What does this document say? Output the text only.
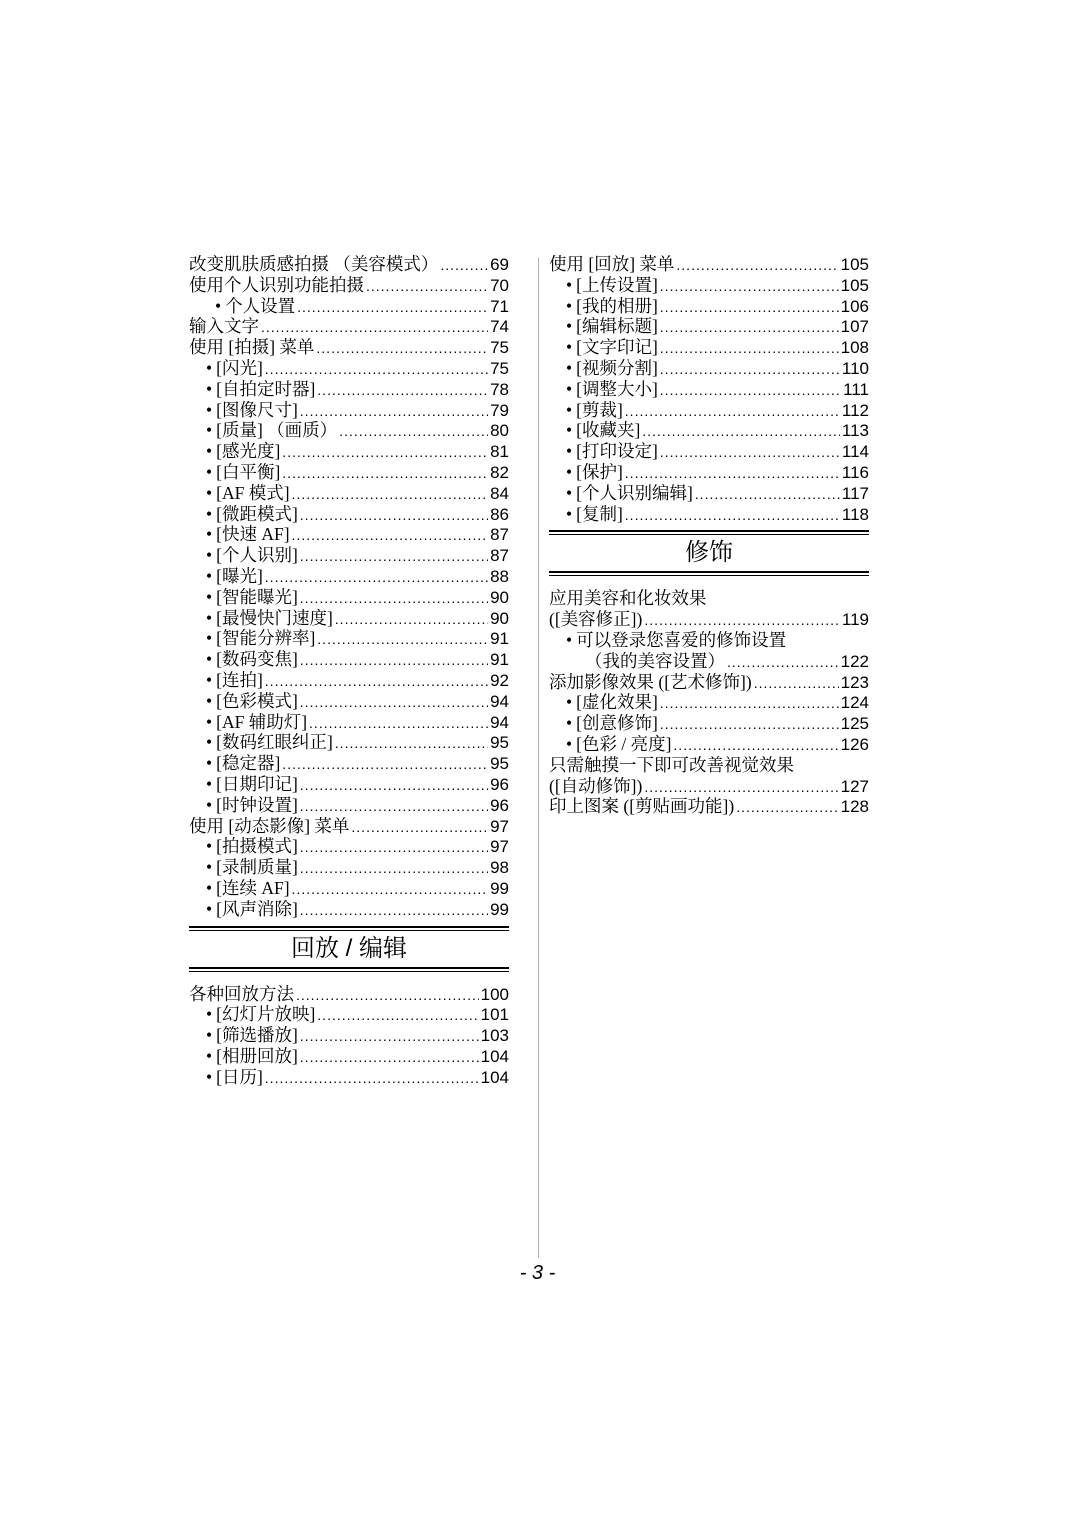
改变肌肤质感拍摄 （美容模式） .....	69
使用个人识别功能拍摄 .....	70
• 个人设置 .....	71
输入文字 .....	74
使用 [拍摄] 菜单 .....	75
• [闪光] .....	75
• [自拍定时器] .....	78
• [图像尺寸] .....	79
• [质量] （画质） .....	80
• [感光度] .....	81
• [白平衡] .....	82
• [AF 模式] .....	84
• [微距模式] .....	86
• [快速 AF] .....	87
• [个人识别] .....	87
• [曝光] .....	88
• [智能曝光] .....	90
• [最慢快门速度] .....	90
• [智能分辨率] .....	91
• [数码变焦] .....	91
• [连拍] .....	92
• [色彩模式] .....	94
• [AF 辅助灯] .....	94
• [数码红眼纠正] .....	95
• [稳定器] .....	95
• [日期印记] .....	96
• [时钟设置] .....	96
使用 [动态影像] 菜单 .....	97
• [拍摄模式] .....	97
• [录制质量] .....	98
• [连续 AF] .....	99
• [风声消除] .....	99
回放 / 编辑
各种回放方法 .....	100
• [幻灯片放映] .....	101
• [筛选播放] .....	103
• [相册回放] .....	104
• [日历] .....	104
使用 [回放] 菜单 .....	105
• [上传设置] .....	105
• [我的相册] .....	106
• [编辑标题] .....	107
• [文字印记] .....	108
• [视频分割] .....	110
• [调整大小] .....	111
• [剪裁] .....	112
• [收藏夹] .....	113
• [打印设定] .....	114
• [保护] .....	116
• [个人识别编辑] .....	117
• [复制] .....	118
修饰
应用美容和化妆效果
([美容修正]) .....	119
• 可以登录您喜爱的修饰设置
（我的美容设置） .....	122
添加影像效果 ([艺术修饰]) .....	123
• [虚化效果] .....	124
• [创意修饰] .....	125
• [色彩 / 亮度] .....	126
只需触摸一下即可改善视觉效果
([自动修饰]) .....	127
印上图案 ([剪贴画功能]) .....	128
- 3 -
